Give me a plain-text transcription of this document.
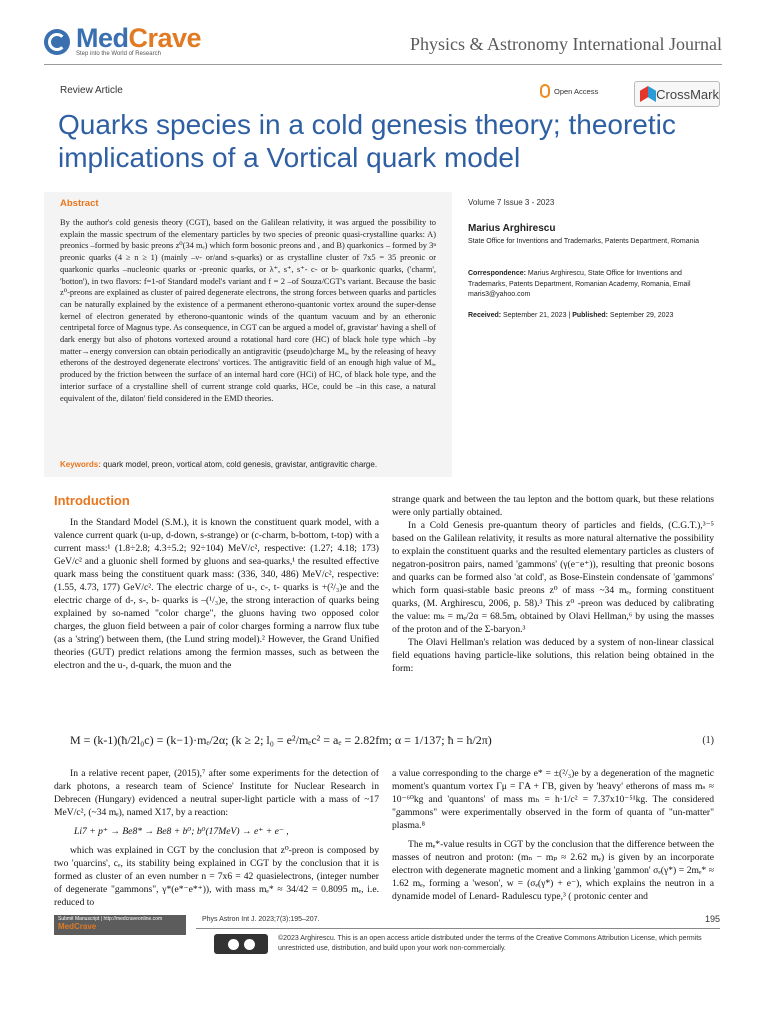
MedCrave
Step into the World of Research	Physics & Astronomy International Journal
Review Article	Open Access	CrossMark
Quarks species in a cold genesis theory; theoretic implications of a Vortical quark model
Abstract
By the author's cold genesis theory (CGT), based on the Galilean relativity, it was argued the possibility to explain the massic spectrum of the elementary particles by two species of preonic quasi-crystalline quarks: A) preonics –formed by basic preons z⁰(34 mₑ) which form bosonic preons and , and B) quarkonics – formed by 3ⁿ preonic quarks (4 ≥ n ≥ 1) (mainly –ν- or/and s-quarks) or as crystalline cluster of 7x5 = 35 preonic or quarkonic quarks –nucleonic quarks or -preonic quarks, or λ⁺, s⁺, s⁺- c- or b- quarkonic quarks, ('charm', 'botton'), in two flavors: f=1-of Standard model's variant and f = 2 –of Souza/CGT's variant. Because the basic z⁰-preons are explained as cluster of paired degenerate electrons, the strong forces between quarks and particles can be naturally explained by the existence of a permanent etherono-quantonic vortex around the super-dense kernel of electron generated by etherono-quantonic winds of the quantum vacuum and by an etheronic centripetal force of Magnus type. As consequence, in CGT can be argued a model of, gravistar' having a shell of dark energy but also of photons vortexed around a rotational hard core (HC) of black hole type which –by matter→energy conversion can obtain periodically an antigravitic (pseudo)charge Mₐ, by the releasing of heavy etherons of the destroyed degenerate electrons' vortices. The antigravitic field of an enough high value of Mₐ, produced by the friction between the surface of an internal hard core (HCi) of HC, of black hole type, and the interior surface of a crystalline shell of current strange cold quarks, HCe, could be –in this case, a natural equivalent of the, dilaton' field considered in the EMD theories.
Keywords: quark model, preon, vortical atom, cold genesis, gravistar, antigravitic charge.
Volume 7 Issue 3 - 2023
Marius Arghirescu
State Office for Inventions and Trademarks, Patents Department, Romania
Correspondence: Marius Arghirescu, State Office for Inventions and Trademarks, Patents Department, Romanian Academy, Romania, Email maris3@yahoo.com
Received: September 21, 2023 | Published: September 29, 2023
Introduction

In the Standard Model (S.M.), it is known the constituent quark model, with a valence current quark (u-up, d-down, s-strange) or (c-charm, b-bottom, t-top) with a current mass:¹ (1.8÷2.8; 4.3÷5.2; 92÷104) MeV/c², respective: (1.27; 4.18; 173) GeV/c² and a gluonic shell formed by gluons and sea-quarks,¹ the resulted effective quark mass being the constituent quark mass: (336, 340, 486) MeV/c², respective: (1.55, 4.73, 177) GeV/c². The electric charge of u-, c-, t- quarks is +(²/₃)e and the electric charge of d-, s-, b- quarks is –(¹/₃)e, the strong interaction of quarks being explained by so-named "color charge", the gluons having two opposed color charges, the gluon field between a pair of color charges forming a narrow flux tube (as a 'string') between them, (the Lund string model).² However, the Grand Unified theories (GUT) predict relations among the fermion masses, such as between the electron and the u-, d-quark, the muon and the

strange quark and between the tau lepton and the bottom quark, but these relations were only partially obtained.

In a Cold Genesis pre-quantum theory of particles and fields, (C.G.T.),³⁻⁵ based on the Galilean relativity, it results as more natural alternative the possibility to explain the constituent quarks and the resulted elementary particles as clusters of negatron-positron pairs, named 'gammons' (γ(e⁻e⁺)), resulting that preonic bosons and quarks can be formed also 'at cold', as Bose-Einstein condensate of 'gammons' which form quasi-stable basic preons z⁰ of mass ~34 mₑ, forming constituent quarks, (M. Arghirescu, 2006, p. 58).³ This z⁰ -preon was deduced by calibrating the value: mₖ = mₑ/2α = 68.5mₑ obtained by Olavi Hellman,⁶ by using the masses of the proton and of the Σ-baryon.³

The Olavi Hellman's relation was deduced by a system of non-linear classical field equations having particle-like solutions, this relation being obtained in the form:

M = (k-1)(ħ/2l₀c) = (k−1)·mₑ/2α; (k ≥ 2; l₀ = e²/mₑc² = aₑ = 2.82fm; α = 1/137; ħ = h/2π)	(1)

In a relative recent paper, (2015),⁷ after some experiments for the detection of dark photons, a research team of Science' Institute for Nuclear Research in Debrecen (Hungary) evidenced a neutral super-light particle with a mass of ~17 MeV/c², (~34 mₑ), named X17, by a reaction:

Li7 + p⁺ → Be8* → Be8 + b⁰; b⁰(17MeV) → e⁺ + e⁻ ,

which was explained in CGT by the conclusion that z⁰-preon is composed by two 'quarcins', cₑ, its stability being explained in CGT by the conclusion that it is formed as cluster of an even number n = 7x6 = 42 quasielectrons, (integer number of degenerate "gammons", γ*(e*⁻e*⁺)), with mass mₑ* ≈ 34/42 = 0.8095 mₑ, i.e. reduced to

a value corresponding to the charge e* = ±(²/₃)e by a degeneration of the magnetic moment's quantum vortex Γμ = ΓA + ΓB, given by 'heavy' etherons of mass mₛ ≈ 10⁻⁶⁰kg and 'quantons' of mass mₕ = h·1/c² = 7.37x10⁻⁵¹kg. The considered "gammons" were experimentally observed in the form of quanta of "un-matter" plasma.⁸

The mₑ*-value results in CGT by the conclusion that the difference between the masses of neutron and proton: (mₙ − mₚ ≈ 2.62 mₑ) is given by an incorporate electron with degenerate magnetic moment and a linking 'gammon' σₑ(γ*) = 2mₑ* ≈ 1.62 mₑ, forming a 'weson', w = (σₑ(γ*) + e⁻), which explains the neutron in a dynamide model of Lenard- Radulescu type,³ ( protonic center and

Submit Manuscript | http://medcraveonline.com
MedCrave
Phys Astron Int J. 2023;7(3):195–207.	195
©2023 Arghirescu. This is an open access article distributed under the terms of the Creative Commons Attribution License, which permits unrestricted use, distribution, and build upon your work non-commercially.
